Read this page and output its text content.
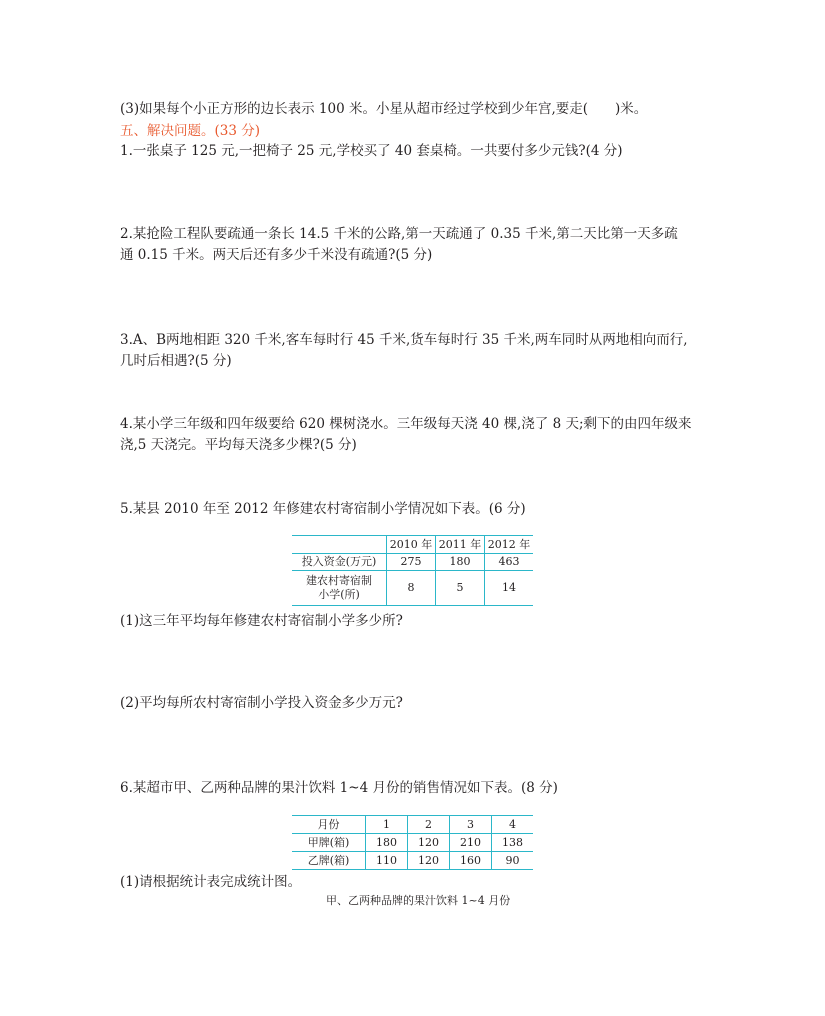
(3)如果每个小正方形的边长表示 100 米。小星从超市经过学校到少年宫,要走(　　)米。
五、解决问题。(33 分)
1.一张桌子 125 元,一把椅子 25 元,学校买了 40 套桌椅。一共要付多少元钱?(4 分)
2.某抢险工程队要疏通一条长 14.5 千米的公路,第一天疏通了 0.35 千米,第二天比第一天多疏
通 0.15 千米。两天后还有多少千米没有疏通?(5 分)
3.A、B两地相距 320 千米,客车每时行 45 千米,货车每时行 35 千米,两车同时从两地相向而行,
几时后相遇?(5 分)
4.某小学三年级和四年级要给 620 棵树浇水。三年级每天浇 40 棵,浇了 8 天;剩下的由四年级来
浇,5 天浇完。平均每天浇多少棵?(5 分)
5.某县 2010 年至 2012 年修建农村寄宿制小学情况如下表。(6 分)
	2010 年	2011 年	2012 年
投入资金(万元)	275	180	463

建农村寄宿制
小学(所)	8	5	14
(1)这三年平均每年修建农村寄宿制小学多少所?
(2)平均每所农村寄宿制小学投入资金多少万元?
6.某超市甲、乙两种品牌的果汁饮料 1~4 月份的销售情况如下表。(8 分)
月份	1	2	3	4
甲牌(箱)	180	120	210	138
乙牌(箱)	110	120	160	90
(1)请根据统计表完成统计图。
甲、乙两种品牌的果汁饮料 1~4 月份
